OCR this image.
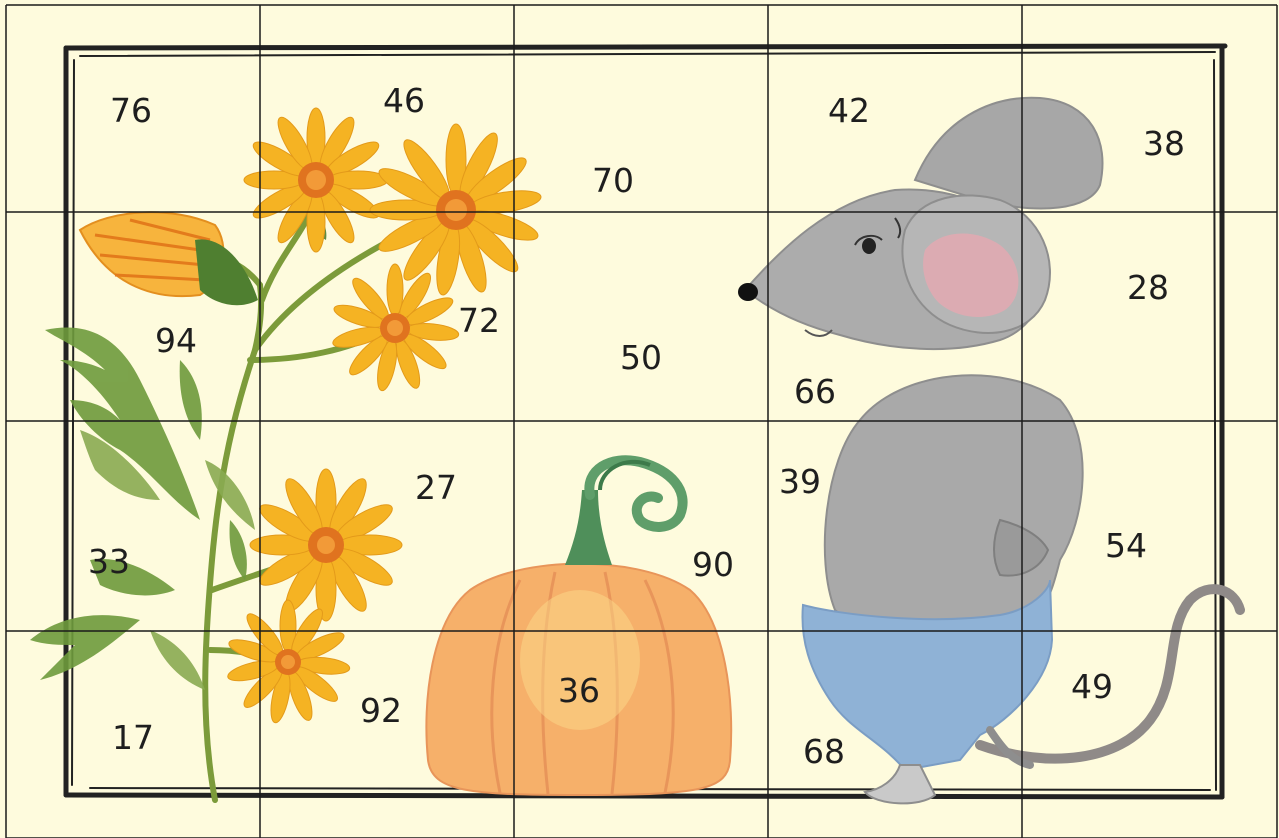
76	46
70
42
38
94
72
50
66
28
33
27
90
39
54
17
92
36
68
49
